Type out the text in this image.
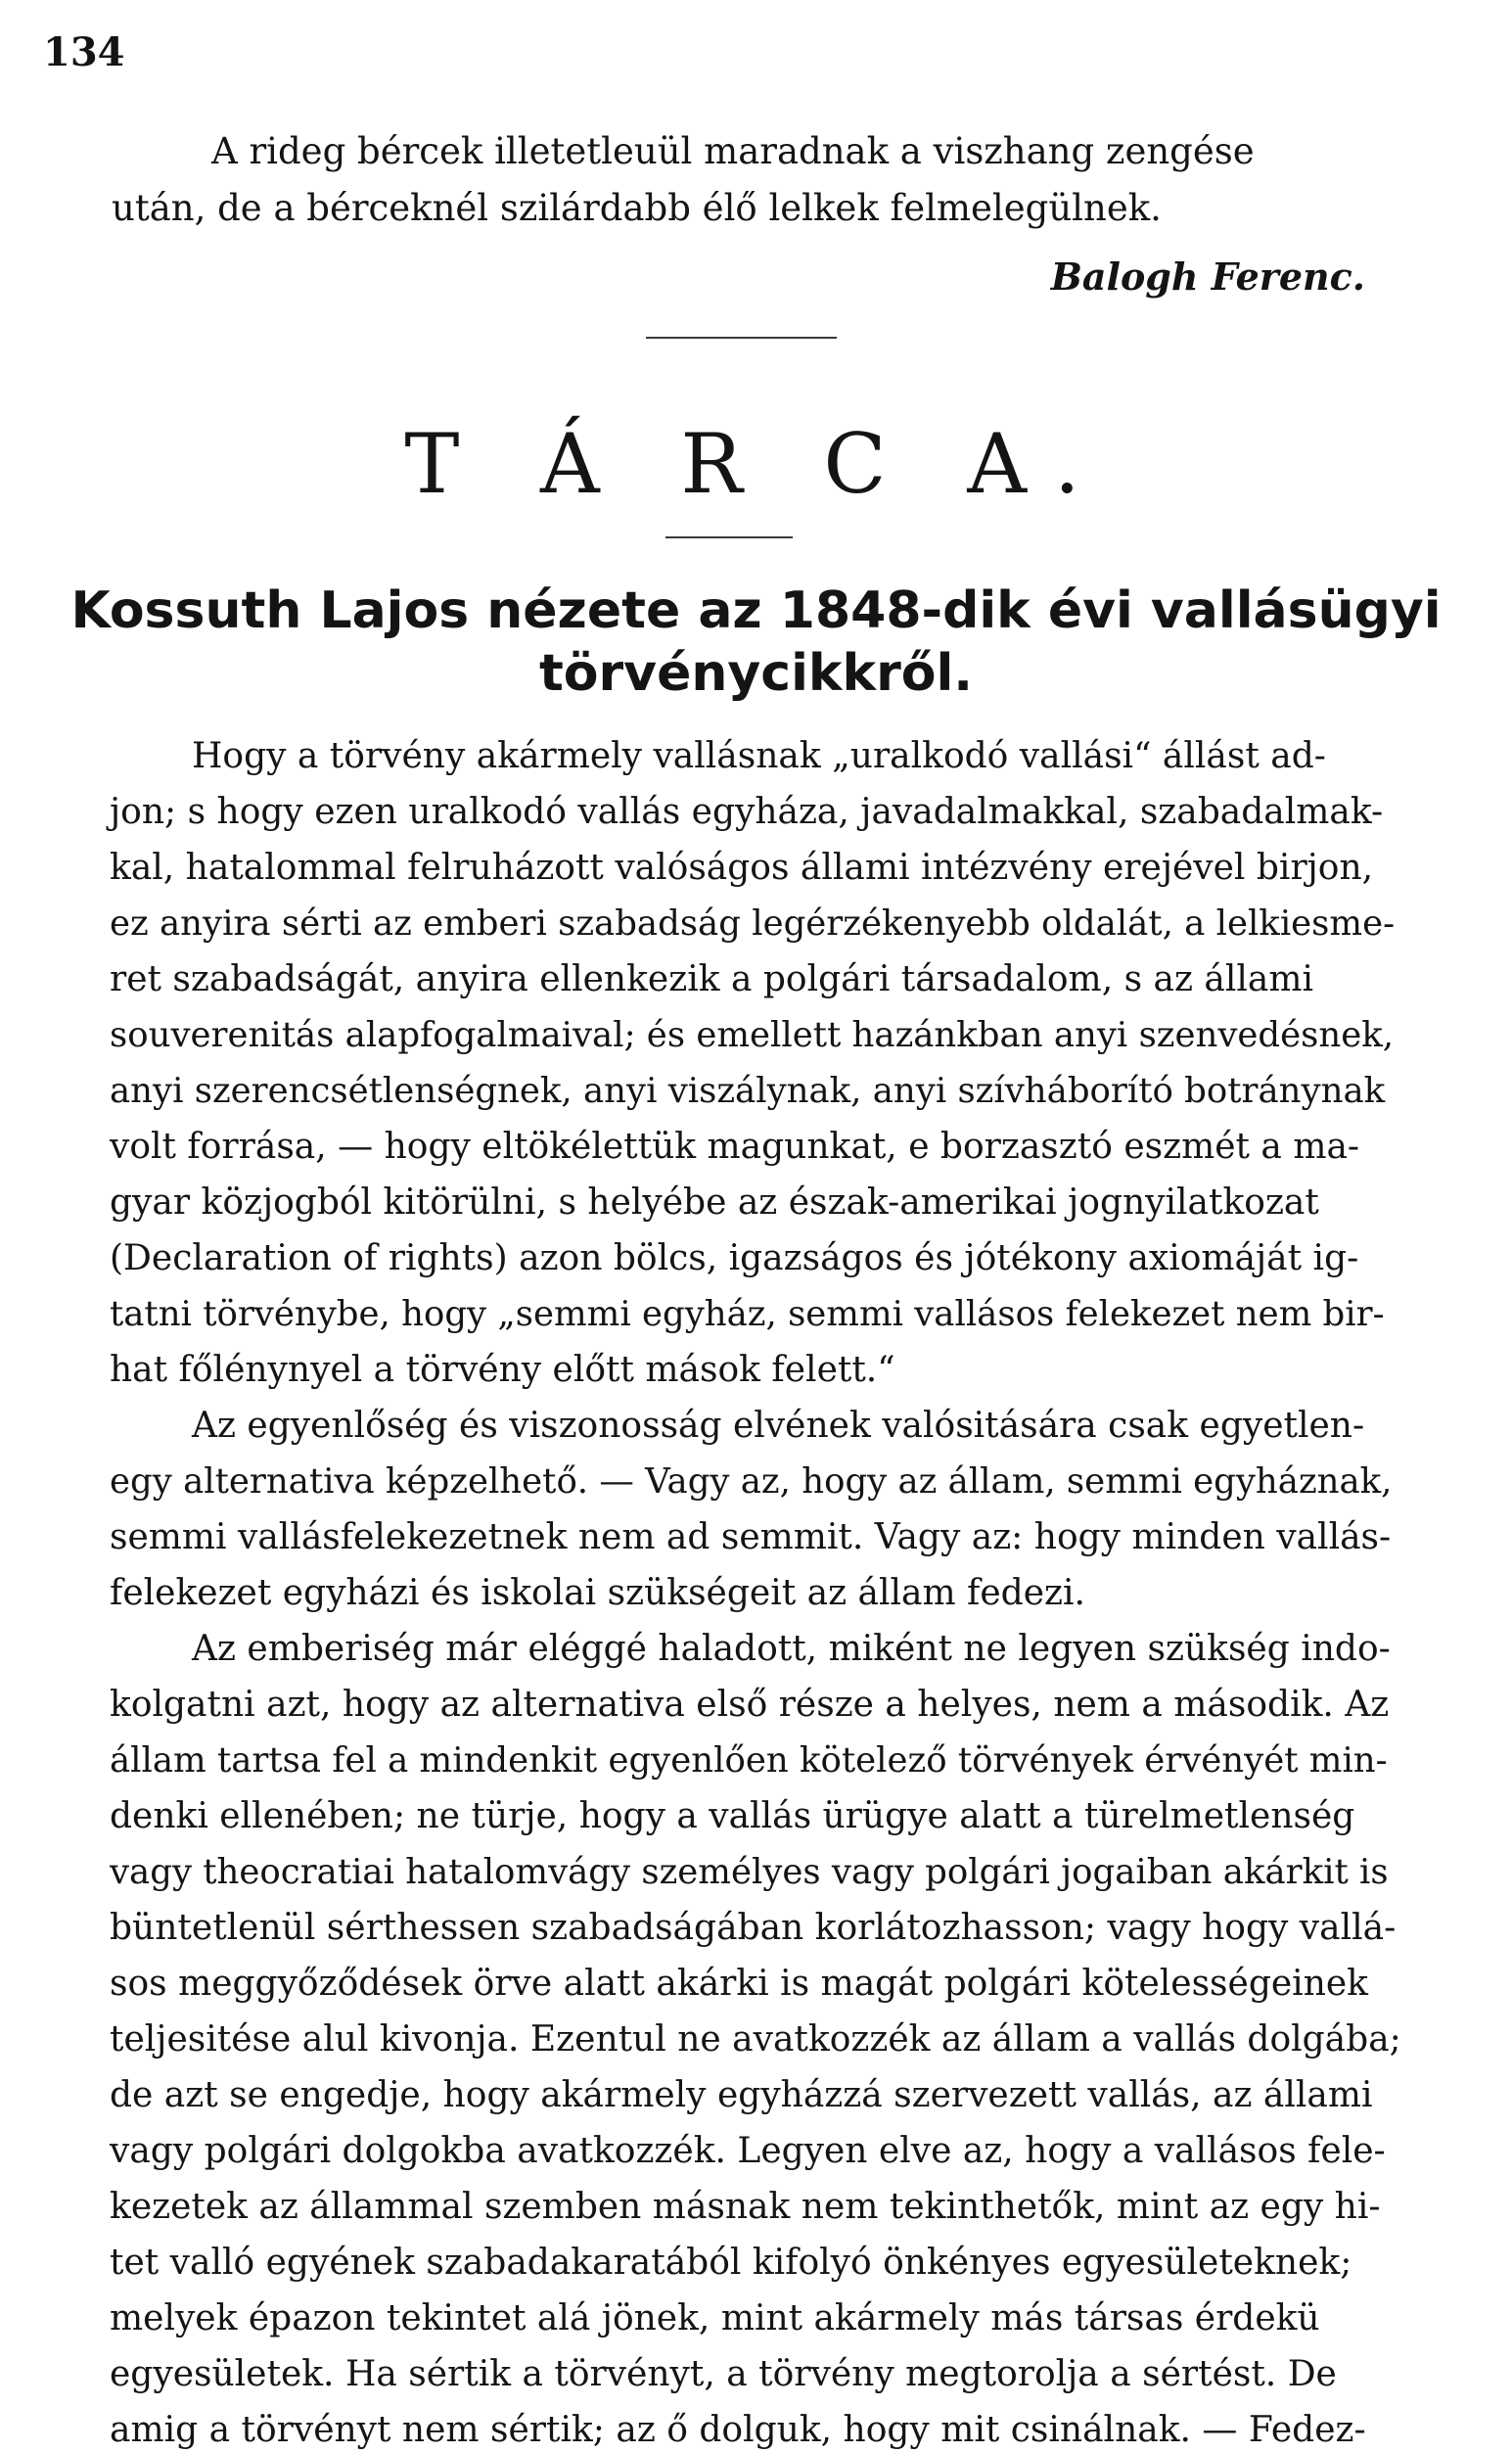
134
A rideg bércek illetetleuül maradnak a viszhang zengése
után, de a bérceknél szilárdabb élő lelkek felmelegülnek.
Balogh Ferenc.
T Á R C A.
Kossuth Lajos nézete az 1848-dik évi vallásügyi
törvénycikkről.
Hogy a törvény akármely vallásnak „uralkodó vallási“ állást ad-
jon; s hogy ezen uralkodó vallás egyháza, javadalmakkal, szabadalmak-
kal, hatalommal felruházott valóságos állami intézvény erejével birjon,
ez anyira sérti az emberi szabadság legérzékenyebb oldalát, a lelkiesme-
ret szabadságát, anyira ellenkezik a polgári társadalom, s az állami
souverenitás alapfogalmaival; és emellett hazánkban anyi szenvedésnek,
anyi szerencsétlenségnek, anyi viszálynak, anyi szívháborító botránynak
volt forrása, — hogy eltökélettük magunkat, e borzasztó eszmét a ma-
gyar közjogból kitörülni, s helyébe az észak-amerikai jognyilatkozat
(Declaration of rights) azon bölcs, igazságos és jótékony axiomáját ig-
tatni törvénybe, hogy „semmi egyház, semmi vallásos felekezet nem bir-
hat főlénynyel a törvény előtt mások felett.“
Az egyenlőség és viszonosság elvének valósitására csak egyetlen-
egy alternativa képzelhető. — Vagy az, hogy az állam, semmi egyháznak,
semmi vallásfelekezetnek nem ad semmit. Vagy az: hogy minden vallás-
felekezet egyházi és iskolai szükségeit az állam fedezi.
Az emberiség már eléggé haladott, miként ne legyen szükség indo-
kolgatni azt, hogy az alternativa első része a helyes, nem a második. Az
állam tartsa fel a mindenkit egyenlően kötelező törvények érvényét min-
denki ellenében; ne türje, hogy a vallás ürügye alatt a türelmetlenség
vagy theocratiai hatalomvágy személyes vagy polgári jogaiban akárkit is
büntetlenül sérthessen szabadságában korlátozhasson; vagy hogy vallá-
sos meggyőződések örve alatt akárki is magát polgári kötelességeinek
teljesitése alul kivonja. Ezentul ne avatkozzék az állam a vallás dolgába;
de azt se engedje, hogy akármely egyházzá szervezett vallás, az állami
vagy polgári dolgokba avatkozzék. Legyen elve az, hogy a vallásos fele-
kezetek az állammal szemben másnak nem tekinthetők, mint az egy hi-
tet valló egyének szabadakaratából kifolyó önkényes egyesületeknek;
melyek épazon tekintet alá jönek, mint akármely más társas érdekü
egyesületek. Ha sértik a törvényt, a törvény megtorolja a sértést. De
amig a törvényt nem sértik; az ő dolguk, hogy mit csinálnak. — Fedez-
